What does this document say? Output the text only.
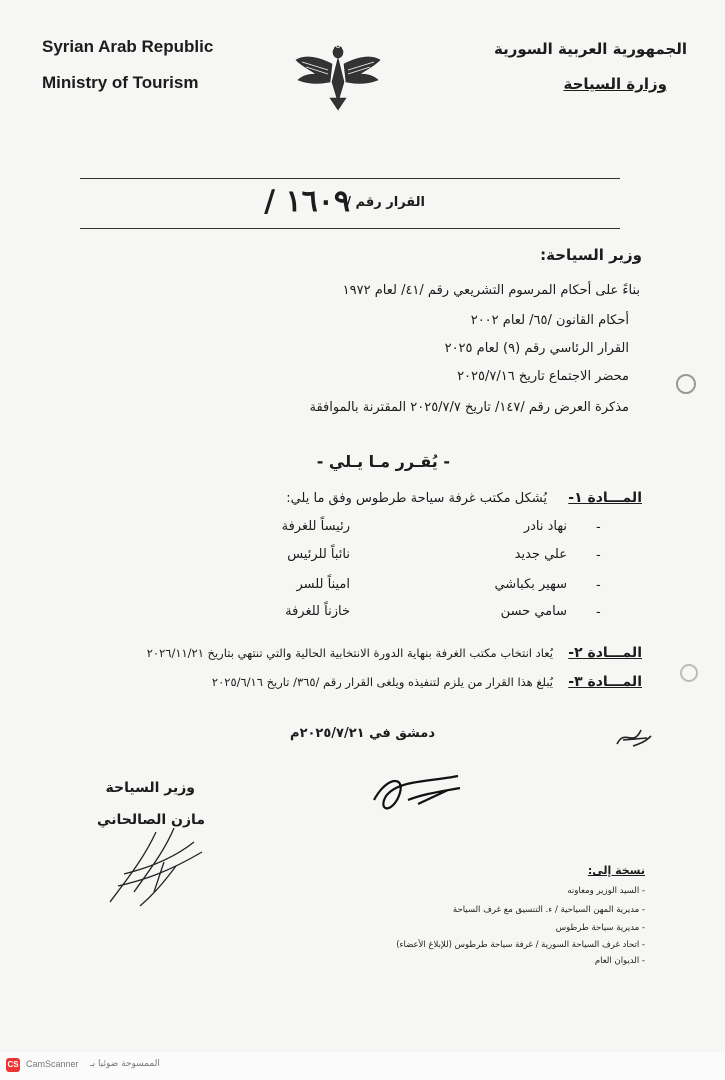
Syrian Arab Republic
Ministry of Tourism
الجمهورية العربية السورية
وزارة السياحة
القرار رقم /
١٦٠٩ /
وزير السياحة:
بناءً على أحكام المرسوم التشريعي رقم /٤١/ لعام ١٩٧٢
أحكام القانون /٦٥/ لعام ٢٠٠٢
القرار الرئاسي رقم (٩) لعام ٢٠٢٥
محضر الاجتماع تاريخ ٢٠٢٥/٧/١٦
مذكرة العرض رقم /١٤٧/ تاريخ ٢٠٢٥/٧/٧ المقترنة بالموافقة
- يُقـرر مـا يـلي -
المـــادة ١-
يُشكل مكتب غرفة سياحة طرطوس وفق ما يلي:
-
نهاد نادر
رئيساً للغرفة
-
علي جديد
نائباً للرئيس
-
سهير بكباشي
اميناً للسر
-
سامي حسن
خازناً للغرفة
المـــادة ٢-
يُعاد انتخاب مكتب الغرفة بنهاية الدورة الانتخابية الحالية والتي تنتهي بتاريخ ٢٠٢٦/١١/٢١
المـــادة ٣-
يُبلغ هذا القرار من يلزم لتنفيذه ويلغى القرار رقم /٣٦٥/ تاريخ ٢٠٢٥/٦/١٦
دمشق في ٢٠٢٥/٧/٢١م
وزير السياحة
مازن الصالحاني
نسخة إلى:
- السيد الوزير ومعاونه
- مديرية المهن السياحية / ء. التنسيق مع غرف السياحة
- مديرية سياحة طرطوس
- اتحاد غرف السياحة السورية / غرفة سياحة طرطوس (للإبلاغ الأعضاء)
- الديوان العام
CS CamScanner الممسوحة ضوئيا بـ
